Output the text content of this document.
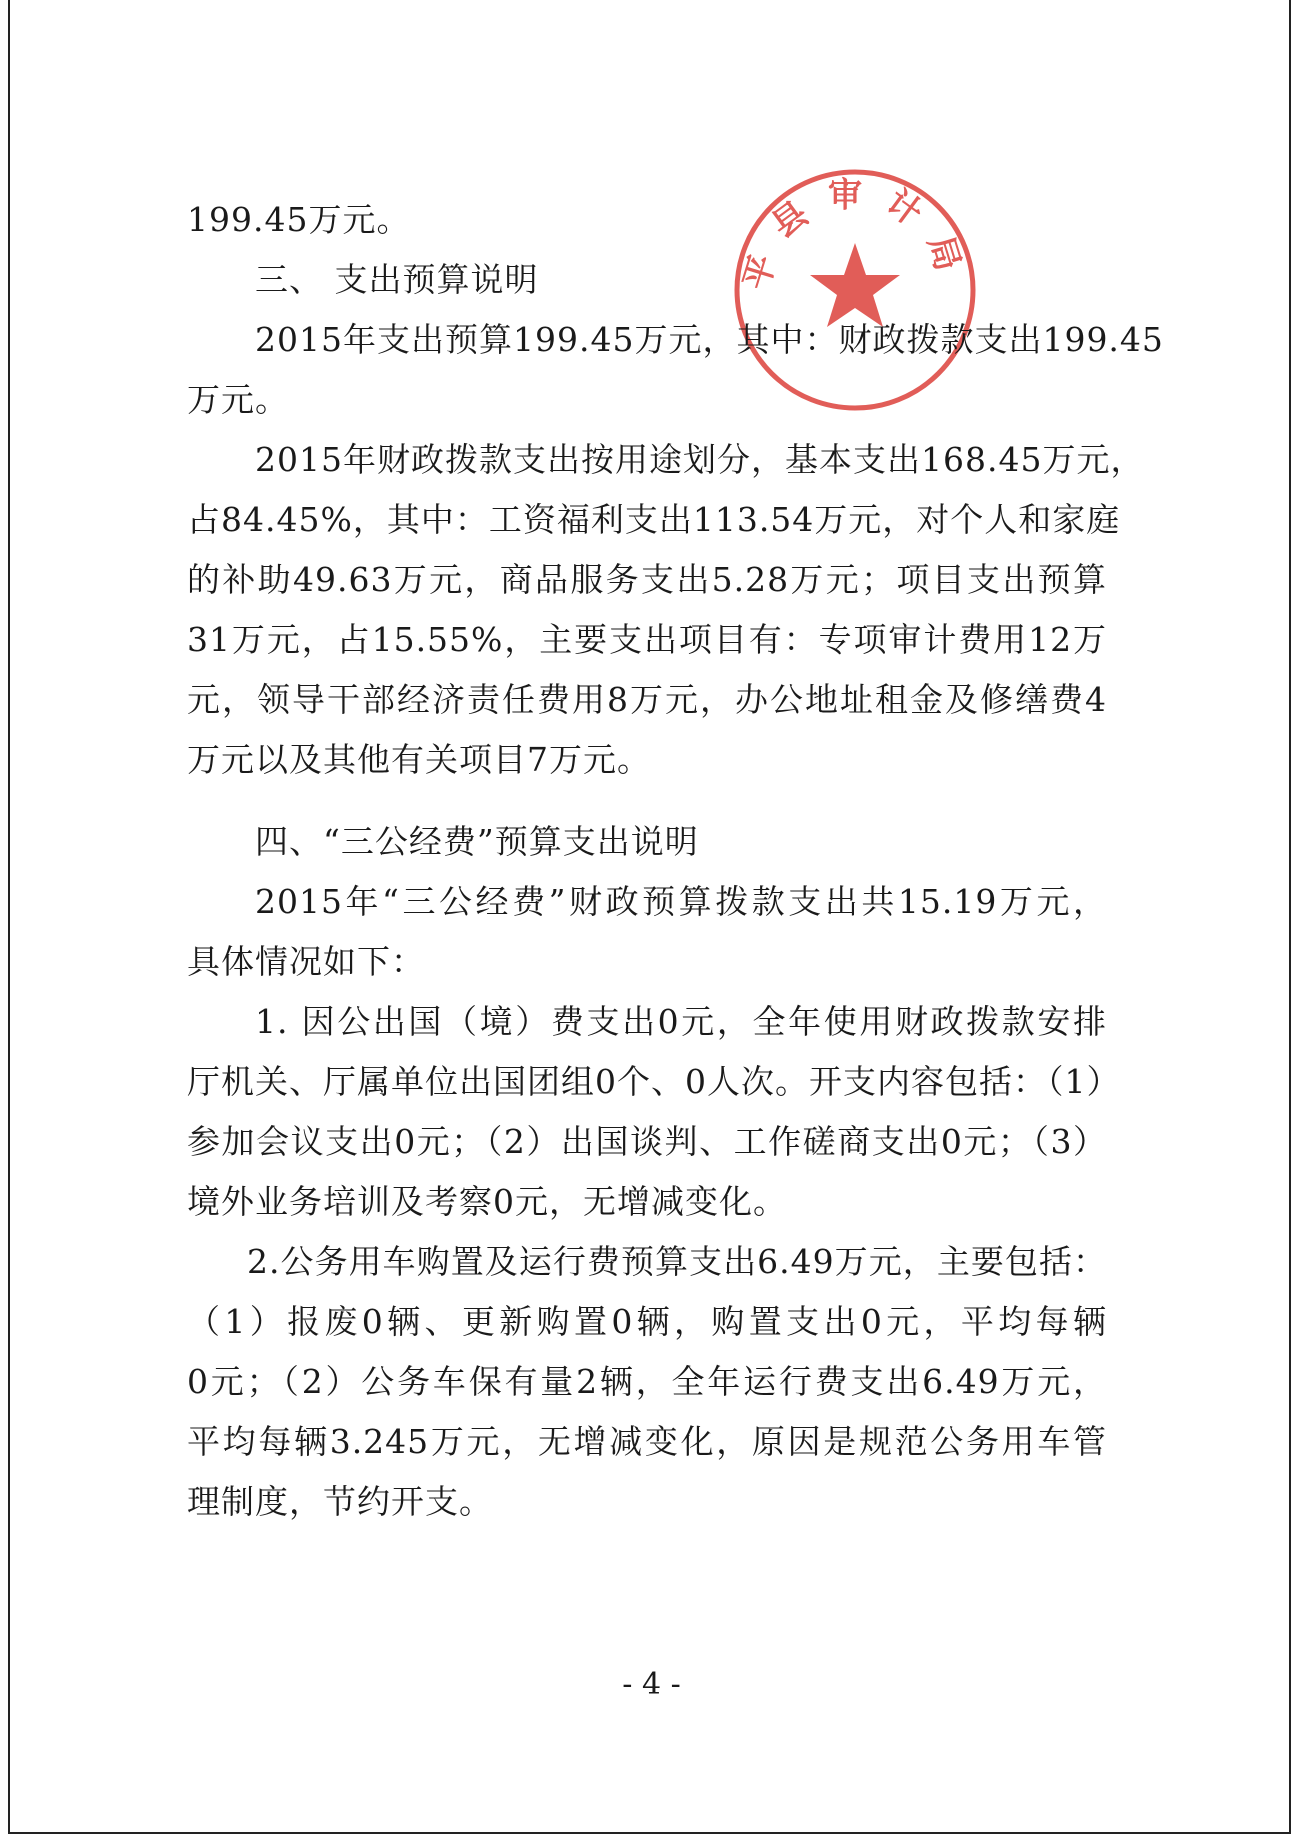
平县审计局
199.45万元。
三、 支出预算说明
2015年支出预算199.45万元，其中：财政拨款支出199.45
万元。
2015年财政拨款支出按用途划分，基本支出168.45万元，
占84.45%，其中：工资福利支出113.54万元，对个人和家庭
的补助49.63万元，商品服务支出5.28万元；项目支出预算
31万元，占15.55%，主要支出项目有：专项审计费用12万
元，领导干部经济责任费用8万元，办公地址租金及修缮费4
万元以及其他有关项目7万元。
四、“三公经费”预算支出说明
2015年“三公经费”财政预算拨款支出共15.19万元，
具体情况如下：
1. 因公出国（境）费支出0元，全年使用财政拨款安排
厅机关、厅属单位出国团组0个、0人次。开支内容包括：（1）
参加会议支出0元；（2）出国谈判、工作磋商支出0元；（3）
境外业务培训及考察0元，无增减变化。
2.公务用车购置及运行费预算支出6.49万元，主要包括：
（1）报废0辆、更新购置0辆，购置支出0元，平均每辆
0元；（2）公务车保有量2辆，全年运行费支出6.49万元，
平均每辆3.245万元，无增减变化，原因是规范公务用车管
理制度，节约开支。
- 4 -
